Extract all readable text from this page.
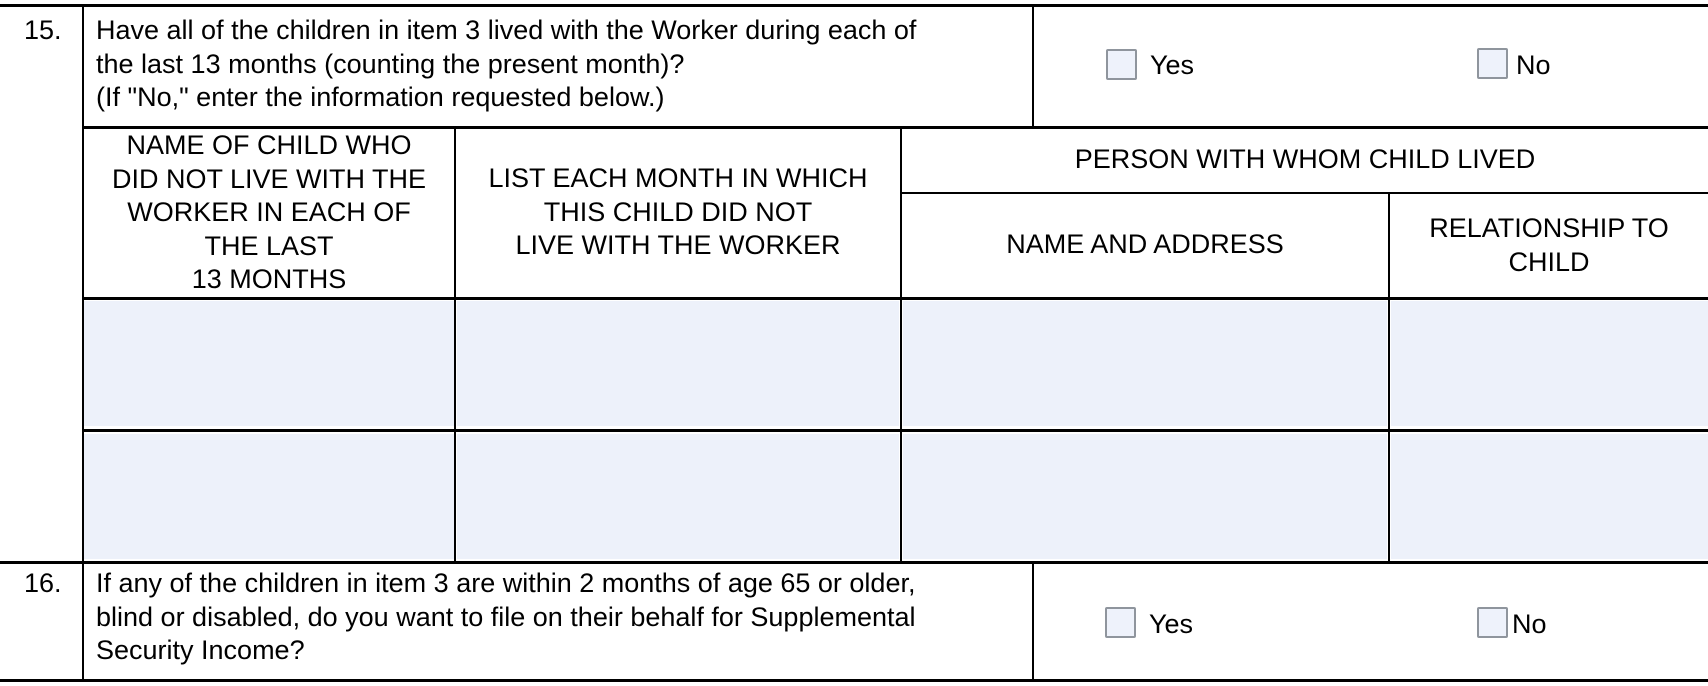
15. Have all of the children in item 3 lived with the Worker during each of
the last 13 months (counting the present month)?
(If "No," enter the information requested below.)
Yes	No
NAME OF CHILD WHO
DID NOT LIVE WITH THE
WORKER IN EACH OF
THE LAST
13 MONTHS
LIST EACH MONTH IN WHICH
THIS CHILD DID NOT
LIVE WITH THE WORKER
PERSON WITH WHOM CHILD LIVED
NAME AND ADDRESS
RELATIONSHIP TO
CHILD
16. If any of the children in item 3 are within 2 months of age 65 or older,
blind or disabled, do you want to file on their behalf for Supplemental
Security Income?
Yes	No
